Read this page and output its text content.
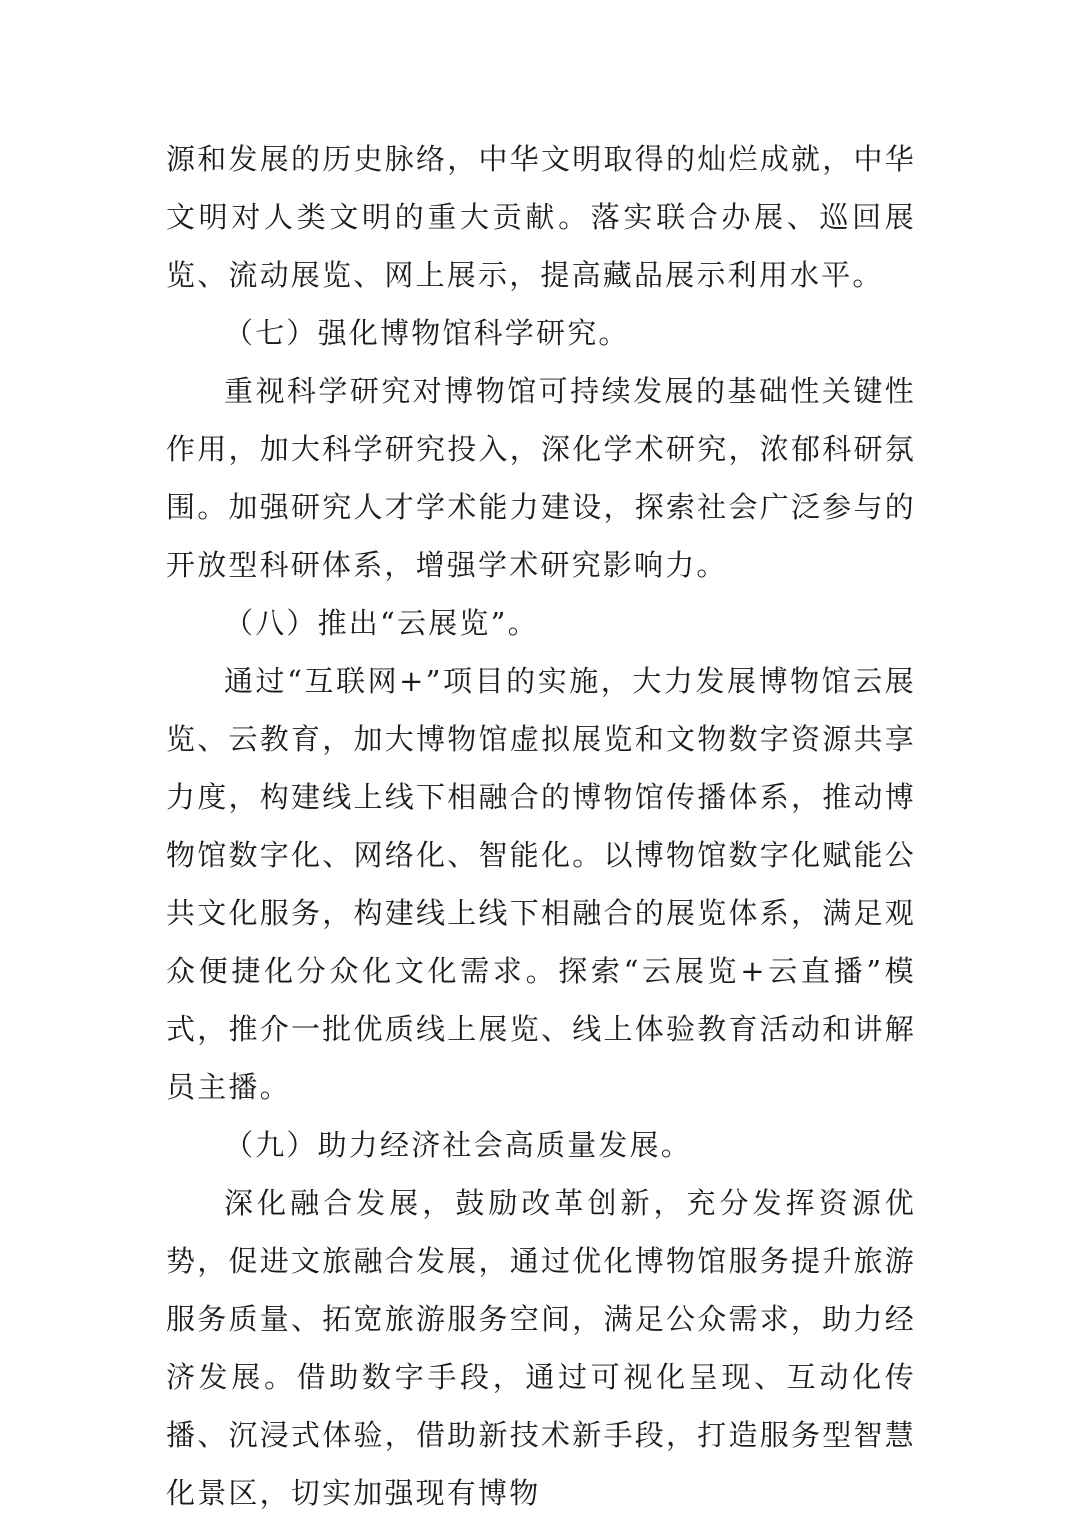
源和发展的历史脉络，中华文明取得的灿烂成就，中华文明对人类文明的重大贡献。落实联合办展、巡回展览、流动展览、网上展示，提高藏品展示利用水平。

（七）强化博物馆科学研究。

重视科学研究对博物馆可持续发展的基础性关键性作用，加大科学研究投入，深化学术研究，浓郁科研氛围。加强研究人才学术能力建设，探索社会广泛参与的开放型科研体系，增强学术研究影响力。

（八）推出“云展览”。

通过“互联网+”项目的实施，大力发展博物馆云展览、云教育，加大博物馆虚拟展览和文物数字资源共享力度，构建线上线下相融合的博物馆传播体系，推动博物馆数字化、网络化、智能化。以博物馆数字化赋能公共文化服务，构建线上线下相融合的展览体系，满足观众便捷化分众化文化需求。探索“云展览+云直播”模式，推介一批优质线上展览、线上体验教育活动和讲解员主播。

（九）助力经济社会高质量发展。

深化融合发展，鼓励改革创新，充分发挥资源优势，促进文旅融合发展，通过优化博物馆服务提升旅游服务质量、拓宽旅游服务空间，满足公众需求，助力经济发展。借助数字手段，通过可视化呈现、互动化传播、沉浸式体验，借助新技术新手段，打造服务型智慧化景区，切实加强现有博物
